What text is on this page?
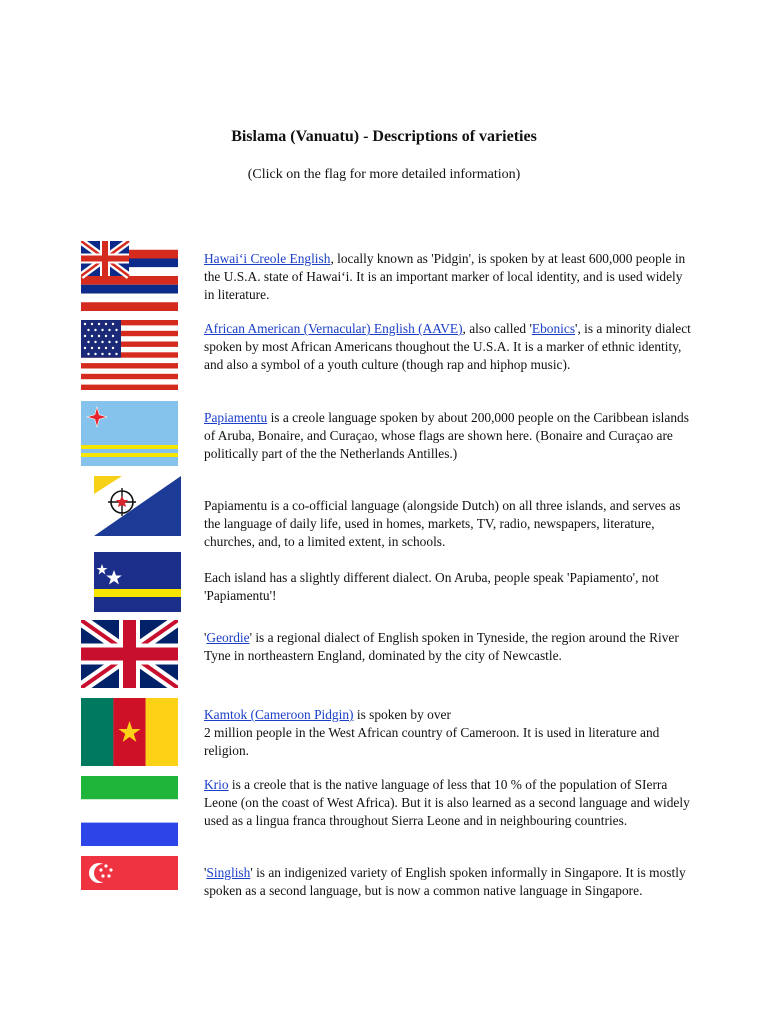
Bislama (Vanuatu) - Descriptions of varieties
(Click on the flag for more detailed information)

Hawai‘i Creole English, locally known as 'Pidgin', is spoken by at least 600,000 people in the U.S.A. state of Hawai‘i. It is an important marker of local identity, and is used widely in literature.

African American (Vernacular) English (AAVE), also called 'Ebonics', is a minority dialect spoken by most African Americans thoughout the U.S.A. It is a marker of ethnic identity, and also a symbol of a youth culture (though rap and hiphop music).

Papiamentu is a creole language spoken by about 200,000 people on the Caribbean islands of Aruba, Bonaire, and Curaçao, whose flags are shown here. (Bonaire and Curaçao are politically part of the the Netherlands Antilles.)

Papiamentu is a co-official language (alongside Dutch) on all three islands, and serves as the language of daily life, used in homes, markets, TV, radio, newspapers, literature, churches, and, to a limited extent, in schools.

Each island has a slightly different dialect. On Aruba, people speak 'Papiamento', not 'Papiamentu'!

'Geordie' is a regional dialect of English spoken in Tyneside, the region around the River Tyne in northeastern England, dominated by the city of Newcastle.

Kamtok (Cameroon Pidgin) is spoken by over

2 million people in the West African country of Cameroon. It is used in literature and religion.

Krio is a creole that is the native language of less that 10 % of the population of SIerra Leone (on the coast of West Africa). But it is also learned as a second language and widely used as a lingua franca throughout Sierra Leone and in neighbouring countries.

'Singlish' is an indigenized variety of English spoken informally in Singapore. It is mostly spoken as a second language, but is now a common native language in Singapore.
